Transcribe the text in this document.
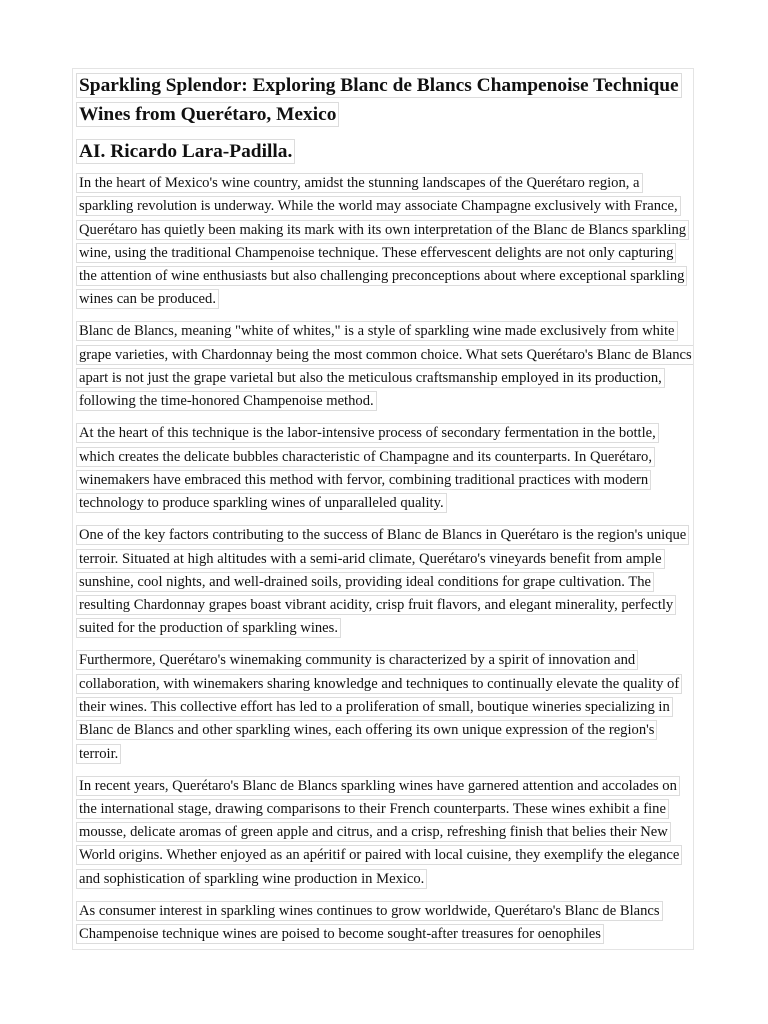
Sparkling Splendor: Exploring Blanc de Blancs Champenoise Technique Wines from Querétaro, Mexico

AI. Ricardo Lara-Padilla.

In the heart of Mexico's wine country, amidst the stunning landscapes of the Querétaro region, a sparkling revolution is underway. While the world may associate Champagne exclusively with France, Querétaro has quietly been making its mark with its own interpretation of the Blanc de Blancs sparkling wine, using the traditional Champenoise technique. These effervescent delights are not only capturing the attention of wine enthusiasts but also challenging preconceptions about where exceptional sparkling wines can be produced.

Blanc de Blancs, meaning "white of whites," is a style of sparkling wine made exclusively from white grape varieties, with Chardonnay being the most common choice. What sets Querétaro's Blanc de Blancs apart is not just the grape varietal but also the meticulous craftsmanship employed in its production, following the time-honored Champenoise method.

At the heart of this technique is the labor-intensive process of secondary fermentation in the bottle, which creates the delicate bubbles characteristic of Champagne and its counterparts. In Querétaro, winemakers have embraced this method with fervor, combining traditional practices with modern technology to produce sparkling wines of unparalleled quality.

One of the key factors contributing to the success of Blanc de Blancs in Querétaro is the region's unique terroir. Situated at high altitudes with a semi-arid climate, Querétaro's vineyards benefit from ample sunshine, cool nights, and well-drained soils, providing ideal conditions for grape cultivation. The resulting Chardonnay grapes boast vibrant acidity, crisp fruit flavors, and elegant minerality, perfectly suited for the production of sparkling wines.

Furthermore, Querétaro's winemaking community is characterized by a spirit of innovation and collaboration, with winemakers sharing knowledge and techniques to continually elevate the quality of their wines. This collective effort has led to a proliferation of small, boutique wineries specializing in Blanc de Blancs and other sparkling wines, each offering its own unique expression of the region's terroir.

In recent years, Querétaro's Blanc de Blancs sparkling wines have garnered attention and accolades on the international stage, drawing comparisons to their French counterparts. These wines exhibit a fine mousse, delicate aromas of green apple and citrus, and a crisp, refreshing finish that belies their New World origins. Whether enjoyed as an apéritif or paired with local cuisine, they exemplify the elegance and sophistication of sparkling wine production in Mexico.

As consumer interest in sparkling wines continues to grow worldwide, Querétaro's Blanc de Blancs Champenoise technique wines are poised to become sought-after treasures for oenophiles
